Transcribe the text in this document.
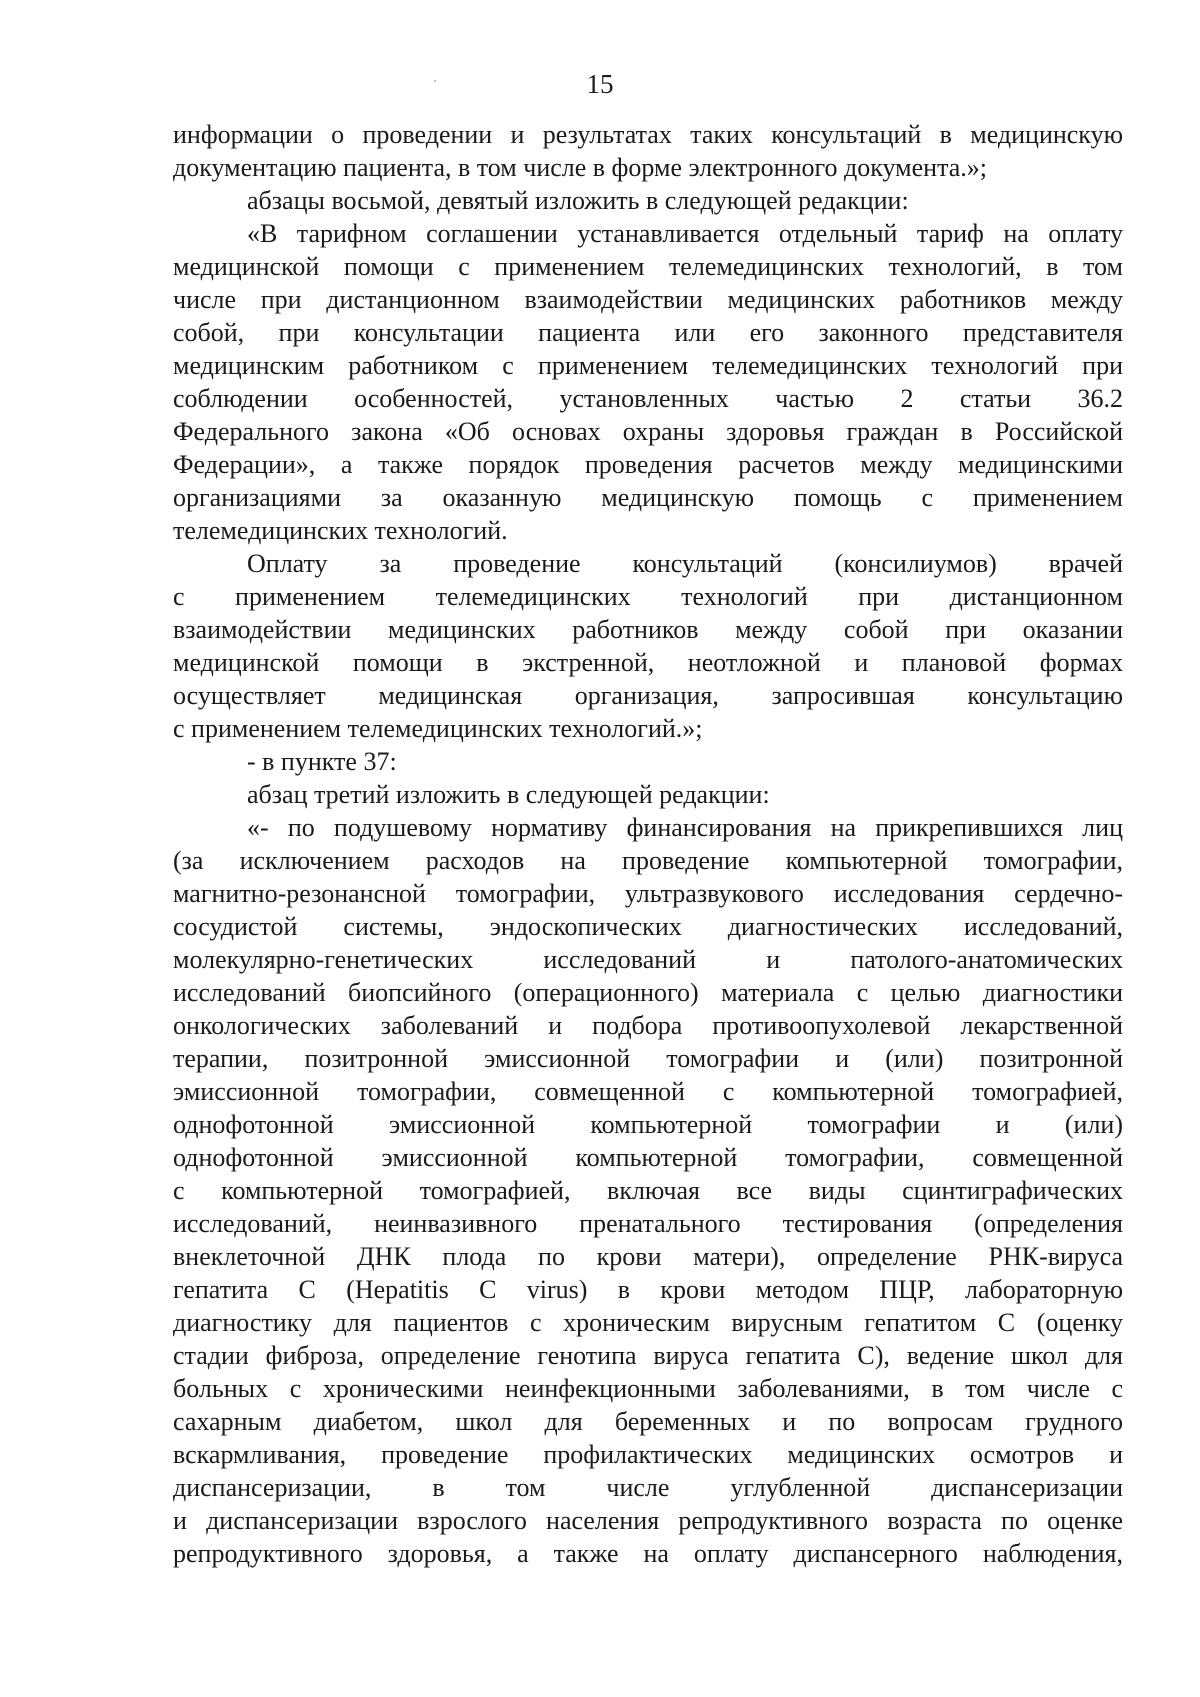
15
информации о проведении и результатах таких консультаций в медицинскую
документацию пациента, в том числе в форме электронного документа.»;
абзацы восьмой, девятый изложить в следующей редакции:
«В тарифном соглашении устанавливается отдельный тариф на оплату
медицинской помощи с применением телемедицинских технологий, в том
числе при дистанционном взаимодействии медицинских работников между
собой, при консультации пациента или его законного представителя
медицинским работником с применением телемедицинских технологий при
соблюдении особенностей, установленных частью 2 статьи 36.2
Федерального закона «Об основах охраны здоровья граждан в Российской
Федерации», а также порядок проведения расчетов между медицинскими
организациями за оказанную медицинскую помощь с применением
телемедицинских технологий.
Оплату за проведение консультаций (консилиумов) врачей
с применением телемедицинских технологий при дистанционном
взаимодействии медицинских работников между собой при оказании
медицинской помощи в экстренной, неотложной и плановой формах
осуществляет медицинская организация, запросившая консультацию
с применением телемедицинских технологий.»;
- в пункте 37:
абзац третий изложить в следующей редакции:
«- по подушевому нормативу финансирования на прикрепившихся лиц
(за исключением расходов на проведение компьютерной томографии,
магнитно-резонансной томографии, ультразвукового исследования сердечно-
сосудистой системы, эндоскопических диагностических исследований,
молекулярно-генетических исследований и патолого-анатомических
исследований биопсийного (операционного) материала с целью диагностики
онкологических заболеваний и подбора противоопухолевой лекарственной
терапии, позитронной эмиссионной томографии и (или) позитронной
эмиссионной томографии, совмещенной с компьютерной томографией,
однофотонной эмиссионной компьютерной томографии и (или)
однофотонной эмиссионной компьютерной томографии, совмещенной
с компьютерной томографией, включая все виды сцинтиграфических
исследований, неинвазивного пренатального тестирования (определения
внеклеточной ДНК плода по крови матери), определение РНК-вируса
гепатита С (Hepatitis С virus) в крови методом ПЦР, лабораторную
диагностику для пациентов с хроническим вирусным гепатитом С (оценку
стадии фиброза, определение генотипа вируса гепатита С), ведение школ для
больных с хроническими неинфекционными заболеваниями, в том числе с
сахарным диабетом, школ для беременных и по вопросам грудного
вскармливания, проведение профилактических медицинских осмотров и
диспансеризации, в том числе углубленной диспансеризации
и диспансеризации взрослого населения репродуктивного возраста по оценке
репродуктивного здоровья, а также на оплату диспансерного наблюдения,
